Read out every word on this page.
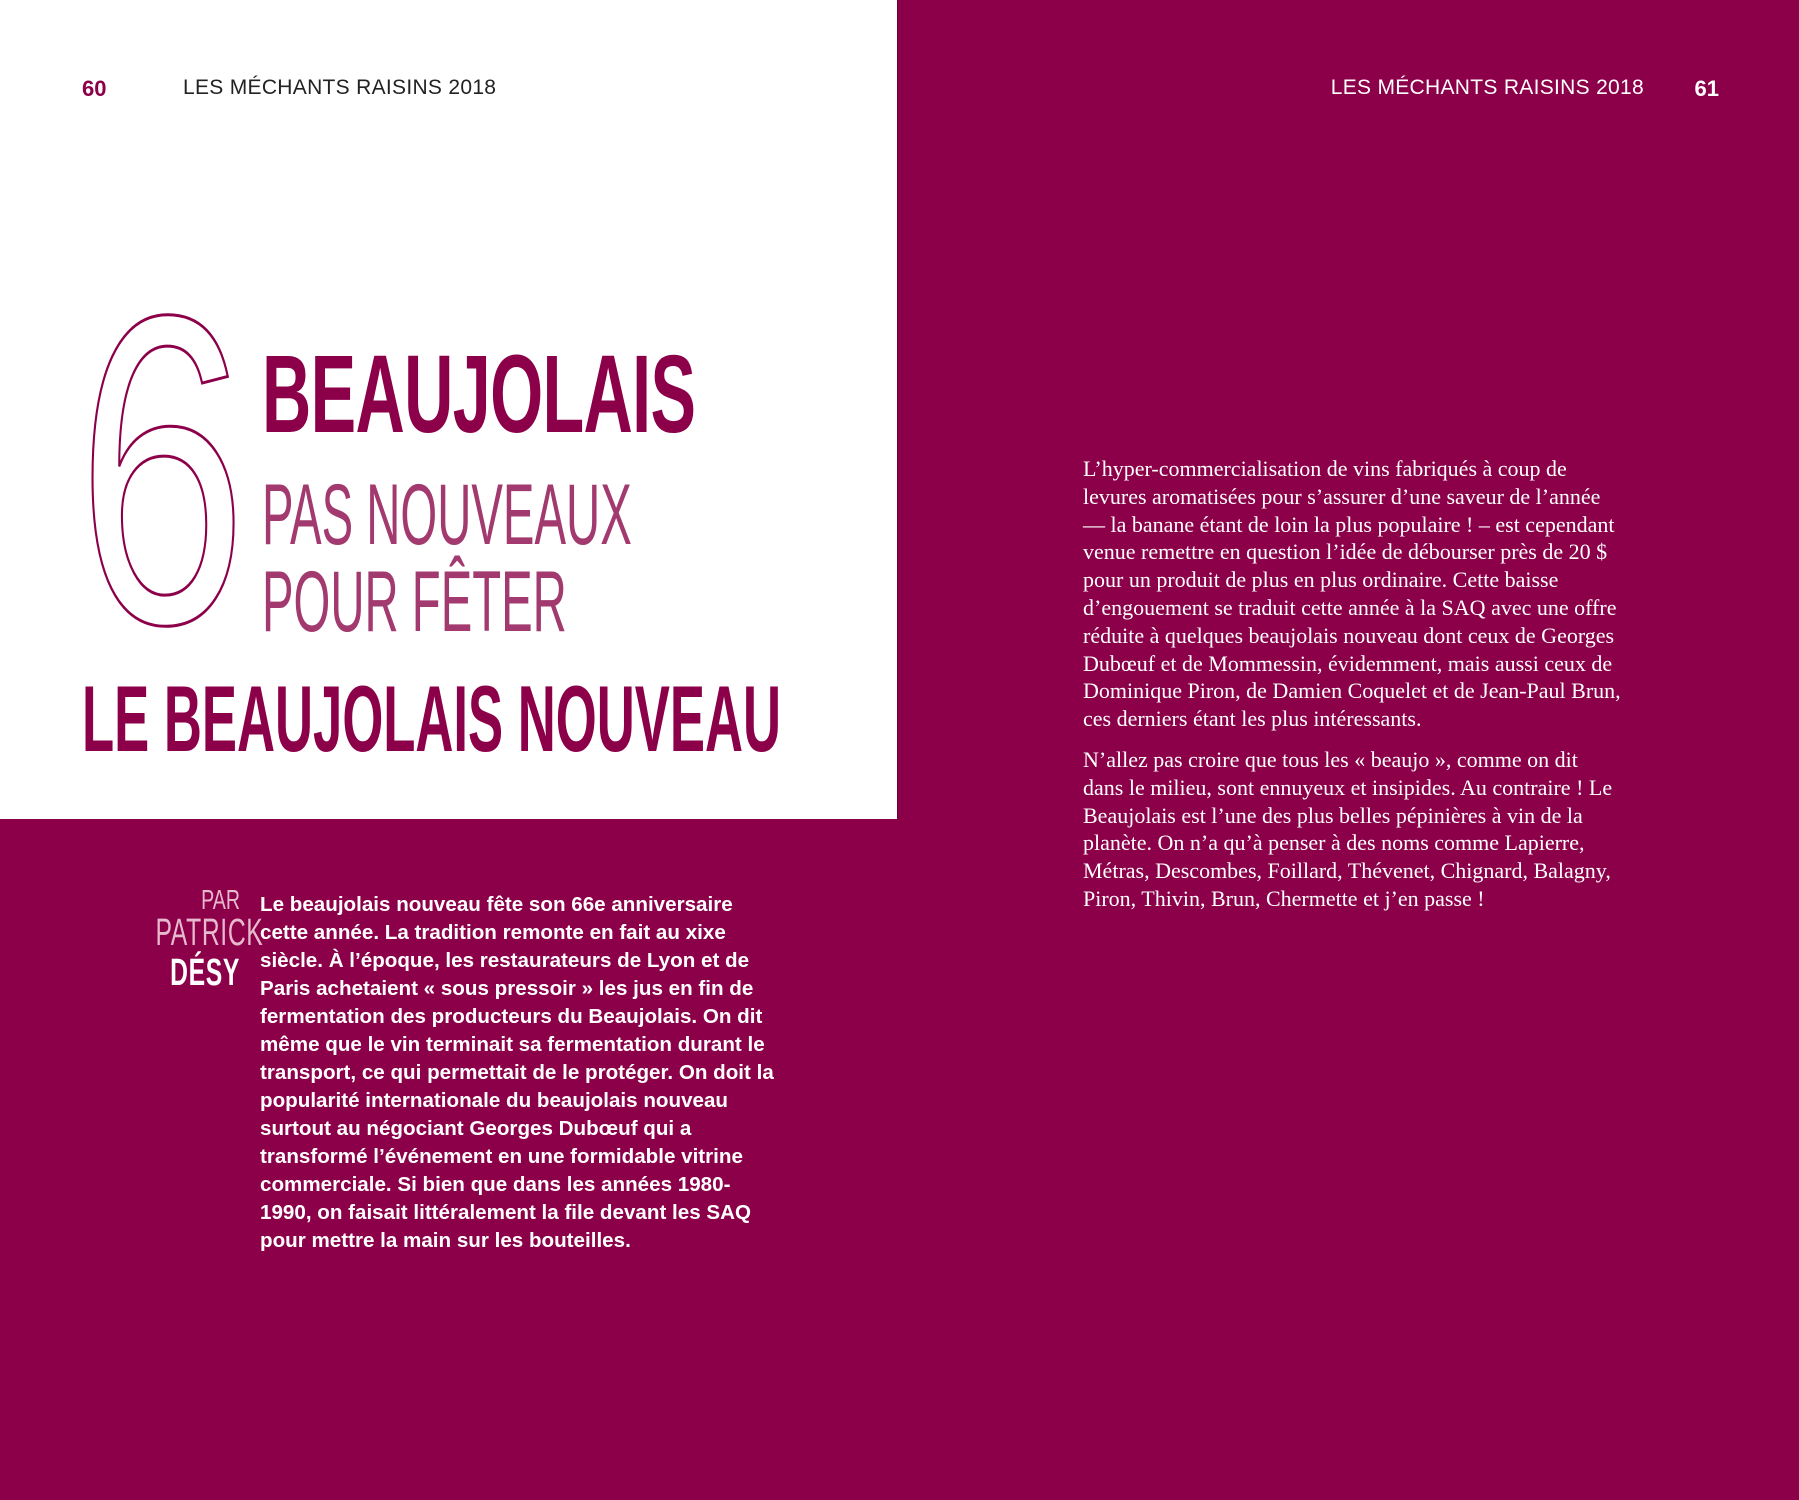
60	LES MÉCHANTS RAISINS 2018
6 BEAUJOLAIS
PAS NOUVEAUX
POUR FÊTER
LE BEAUJOLAIS NOUVEAU
PAR
PATRICK
DÉSY

Le beaujolais nouveau fête son 66e anniversaire cette année. La tradition remonte en fait au xixe siècle. À l’époque, les restaurateurs de Lyon et de Paris achetaient « sous pressoir » les jus en fin de fermentation des producteurs du Beaujolais. On dit même que le vin terminait sa fermentation durant le transport, ce qui permettait de le protéger. On doit la popularité internationale du beaujolais nouveau surtout au négociant Georges Dubœuf qui a transformé l’événement en une formidable vitrine commerciale. Si bien que dans les années 1980-1990, on faisait littéralement la file devant les SAQ pour mettre la main sur les bouteilles.

LES MÉCHANTS RAISINS 2018 61

L’hyper-commercialisation de vins fabriqués à coup de levures aromatisées pour s’assurer d’une saveur de l’année — la banane étant de loin la plus populaire ! – est cependant venue remettre en question l’idée de débourser près de 20 $ pour un produit de plus en plus ordinaire. Cette baisse d’engouement se traduit cette année à la SAQ avec une offre réduite à quelques beaujolais nouveau dont ceux de Georges Dubœuf et de Mommessin, évidemment, mais aussi ceux de Dominique Piron, de Damien Coquelet et de Jean-Paul Brun, ces derniers étant les plus intéressants.

N’allez pas croire que tous les « beaujo », comme on dit dans le milieu, sont ennuyeux et insipides. Au contraire ! Le Beaujolais est l’une des plus belles pépinières à vin de la planète. On n’a qu’à penser à des noms comme Lapierre, Métras, Descombes, Foillard, Thévenet, Chignard, Balagny, Piron, Thivin, Brun, Chermette et j’en passe !
